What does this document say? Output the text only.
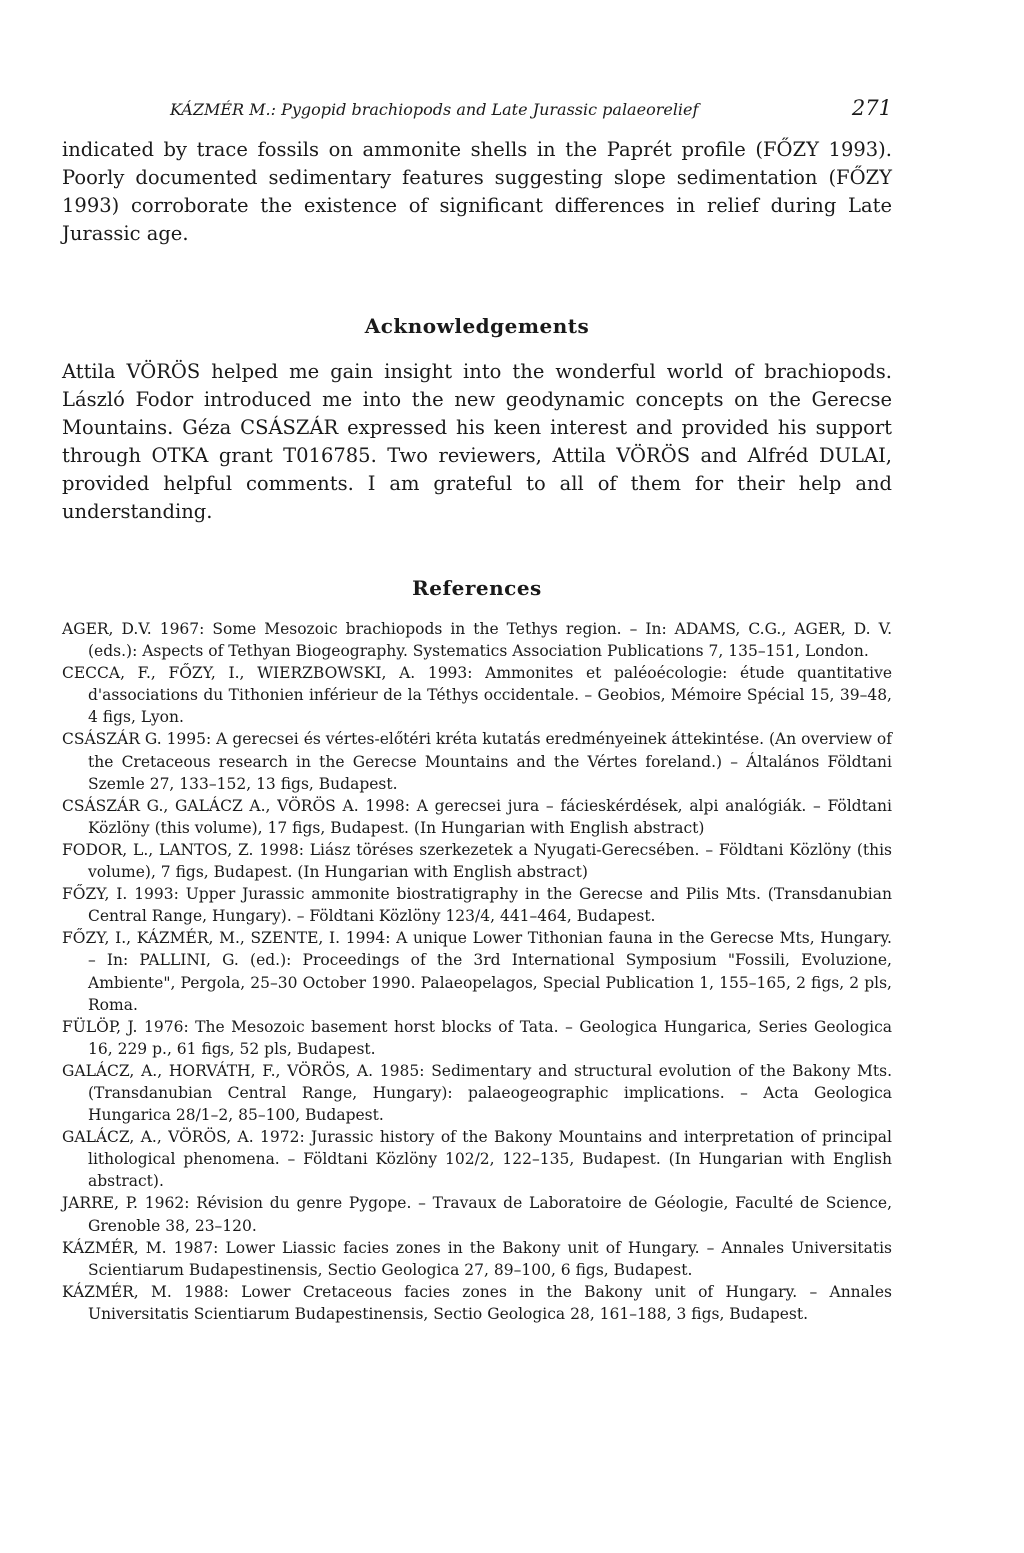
KÁZMÉR M.: Pygopid brachiopods and Late Jurassic palaeorelief	271

indicated by trace fossils on ammonite shells in the Paprét profile (FŐZY 1993). Poorly documented sedimentary features suggesting slope sedimentation (FŐZY 1993) corroborate the existence of significant differences in relief during Late Jurassic age.

Acknowledgements

Attila VÖRÖS helped me gain insight into the wonderful world of brachiopods. László Fodor introduced me into the new geodynamic concepts on the Gerecse Mountains. Géza CSÁSZÁR expressed his keen interest and provided his support through OTKA grant T016785. Two reviewers, Attila VÖRÖS and Alfréd DULAI, provided helpful comments. I am grateful to all of them for their help and understanding.

References
AGER, D.V. 1967: Some Mesozoic brachiopods in the Tethys region. – In: ADAMS, C.G., AGER, D. V. (eds.): Aspects of Tethyan Biogeography. Systematics Association Publications 7, 135–151, London.
CECCA, F., FŐZY, I., WIERZBOWSKI, A. 1993: Ammonites et paléoécologie: étude quantitative d'associations du Tithonien inférieur de la Téthys occidentale. – Geobios, Mémoire Spécial 15, 39–48, 4 figs, Lyon.
CSÁSZÁR G. 1995: A gerecsei és vértes-előtéri kréta kutatás eredményeinek áttekintése. (An overview of the Cretaceous research in the Gerecse Mountains and the Vértes foreland.) – Általános Földtani Szemle 27, 133–152, 13 figs, Budapest.
CSÁSZÁR G., GALÁCZ A., VÖRÖS A. 1998: A gerecsei jura – fácieskérdések, alpi analógiák. – Földtani Közlöny (this volume), 17 figs, Budapest. (In Hungarian with English abstract)
FODOR, L., LANTOS, Z. 1998: Liász töréses szerkezetek a Nyugati-Gerecsében. – Földtani Közlöny (this volume), 7 figs, Budapest. (In Hungarian with English abstract)
FŐZY, I. 1993: Upper Jurassic ammonite biostratigraphy in the Gerecse and Pilis Mts. (Transdanubian Central Range, Hungary). – Földtani Közlöny 123/4, 441–464, Budapest.
FŐZY, I., KÁZMÉR, M., SZENTE, I. 1994: A unique Lower Tithonian fauna in the Gerecse Mts, Hungary. – In: PALLINI, G. (ed.): Proceedings of the 3rd International Symposium "Fossili, Evoluzione, Ambiente", Pergola, 25–30 October 1990. Palaeopelagos, Special Publication 1, 155–165, 2 figs, 2 pls, Roma.
FÜLÖP, J. 1976: The Mesozoic basement horst blocks of Tata. – Geologica Hungarica, Series Geologica 16, 229 p., 61 figs, 52 pls, Budapest.
GALÁCZ, A., HORVÁTH, F., VÖRÖS, A. 1985: Sedimentary and structural evolution of the Bakony Mts. (Transdanubian Central Range, Hungary): palaeogeographic implications. – Acta Geologica Hungarica 28/1–2, 85–100, Budapest.
GALÁCZ, A., VÖRÖS, A. 1972: Jurassic history of the Bakony Mountains and interpretation of principal lithological phenomena. – Földtani Közlöny 102/2, 122–135, Budapest. (In Hungarian with English abstract).
JARRE, P. 1962: Révision du genre Pygope. – Travaux de Laboratoire de Géologie, Faculté de Science, Grenoble 38, 23–120.
KÁZMÉR, M. 1987: Lower Liassic facies zones in the Bakony unit of Hungary. – Annales Universitatis Scientiarum Budapestinensis, Sectio Geologica 27, 89–100, 6 figs, Budapest.
KÁZMÉR, M. 1988: Lower Cretaceous facies zones in the Bakony unit of Hungary. – Annales Universitatis Scientiarum Budapestinensis, Sectio Geologica 28, 161–188, 3 figs, Budapest.
